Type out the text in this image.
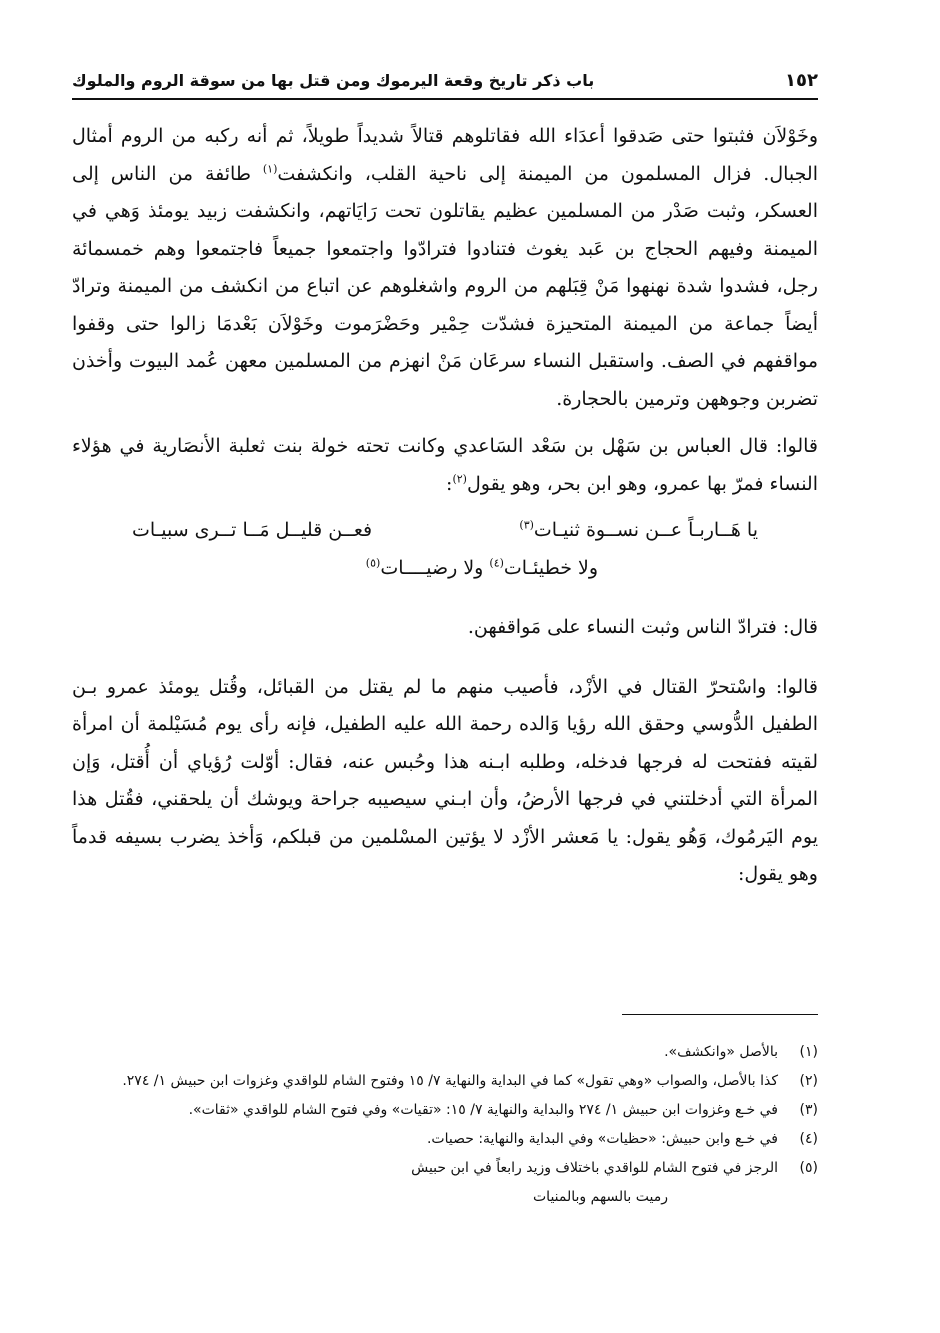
١٥٢
باب ذكر تاريخ وقعة اليرموك ومن قتل بها من سوقة الروم والملوك

وخَوْلاَن فثبتوا حتى صَدقوا أعدَاء الله فقاتلوهم قتالاً شديداً طويلاً، ثم أنه ركبه من الروم أمثال الجبال. فزال المسلمون من الميمنة إلى ناحية القلب، وانكشفت$^{(١)}$ طائفة من الناس إلى العسكر، وثبت صَدْر من المسلمين عظيم يقاتلون تحت رَايَاتهم، وانكشفت زبيد يومئذ وَهي في الميمنة وفيهم الحجاج بن عَبد يغوث فتنادوا فترادّوا واجتمعوا جميعاً فاجتمعوا وهم خمسمائة رجل، فشدوا شدة نهنهوا مَنْ قِبَلهم من الروم واشغلوهم عن اتباع من انكشف من الميمنة وترادّ أيضاً جماعة من الميمنة المتحيزة فشدّت حِمْير وحَضْرَموت وخَوْلاَن بَعْدمَا زالوا حتى وقفوا مواقفهم في الصف. واستقبل النساء سرعَان مَنْ انهزم من المسلمين معهن عُمد البيوت وأخذن تضربن وجوههن وترمين بالحجارة.

قالوا: قال العباس بن سَهْل بن سَعْد السَاعدي وكانت تحته خولة بنت ثعلبة الأنصَارية في هؤلاء النساء فمرّ بها عمرو، وهو ابن بحر، وهو يقول$^{(٢)}$:

يا هَــاربـاً عــن نســوة ثنيـات$^{(٣)}$
فعــن قليــل مَــا تــرى سبيـات
ولا خطيئـات$^{(٤)}$ ولا رضيــــات$^{(٥)}$

قال: فترادّ الناس وثبت النساء على مَواقفهن.

قالوا: واسْتحرّ القتال في الأزْد، فأصيب منهم ما لم يقتل من القبائل، وقُتل يومئذ عمرو بـن الطفيل الدُّوسي وحقق الله رؤيا وَالده رحمة الله عليه الطفيل، فإنه رأى يوم مُسَيْلمة أن امرأة لقيته ففتحت له فرجها فدخله، وطلبه ابـنه هذا وحُبس عنه، فقال: أوّلت رُؤياي أن أُقتل، وَإن المرأة التي أدخلتني في فرجها الأرضُ، وأن ابـني سيصيبه جراحة ويوشك أن يلحقني، فقُتل هذا يوم اليَرمُوك، وَهُو يقول: يا مَعشر الأزْد لا يؤتين المسْلمين من قبلكم، وَأخذ يضرب بسيفه قدماً وهو يقول:

(١)
بالأصل «وانكشف».
(٢)
كذا بالأصل، والصواب «وهي تقول» كما في البداية والنهاية ٧/ ١٥ وفتوح الشام للواقدي وغزوات ابن حبيش ١/ ٢٧٤.
(٣)
في خـع وغزوات ابن حبيش ١/ ٢٧٤ والبداية والنهاية ٧/ ١٥: «تقيات» وفي فتوح الشام للواقدي «ثقات».
(٤)
في خـع وابن حبيش: «حظيات» وفي البداية والنهاية: حصيات.
(٥)
الرجز في فتوح الشام للواقدي باختلاف وزيد رابعاً في ابن حبيش
رميت بالسهم وبالمنيات
